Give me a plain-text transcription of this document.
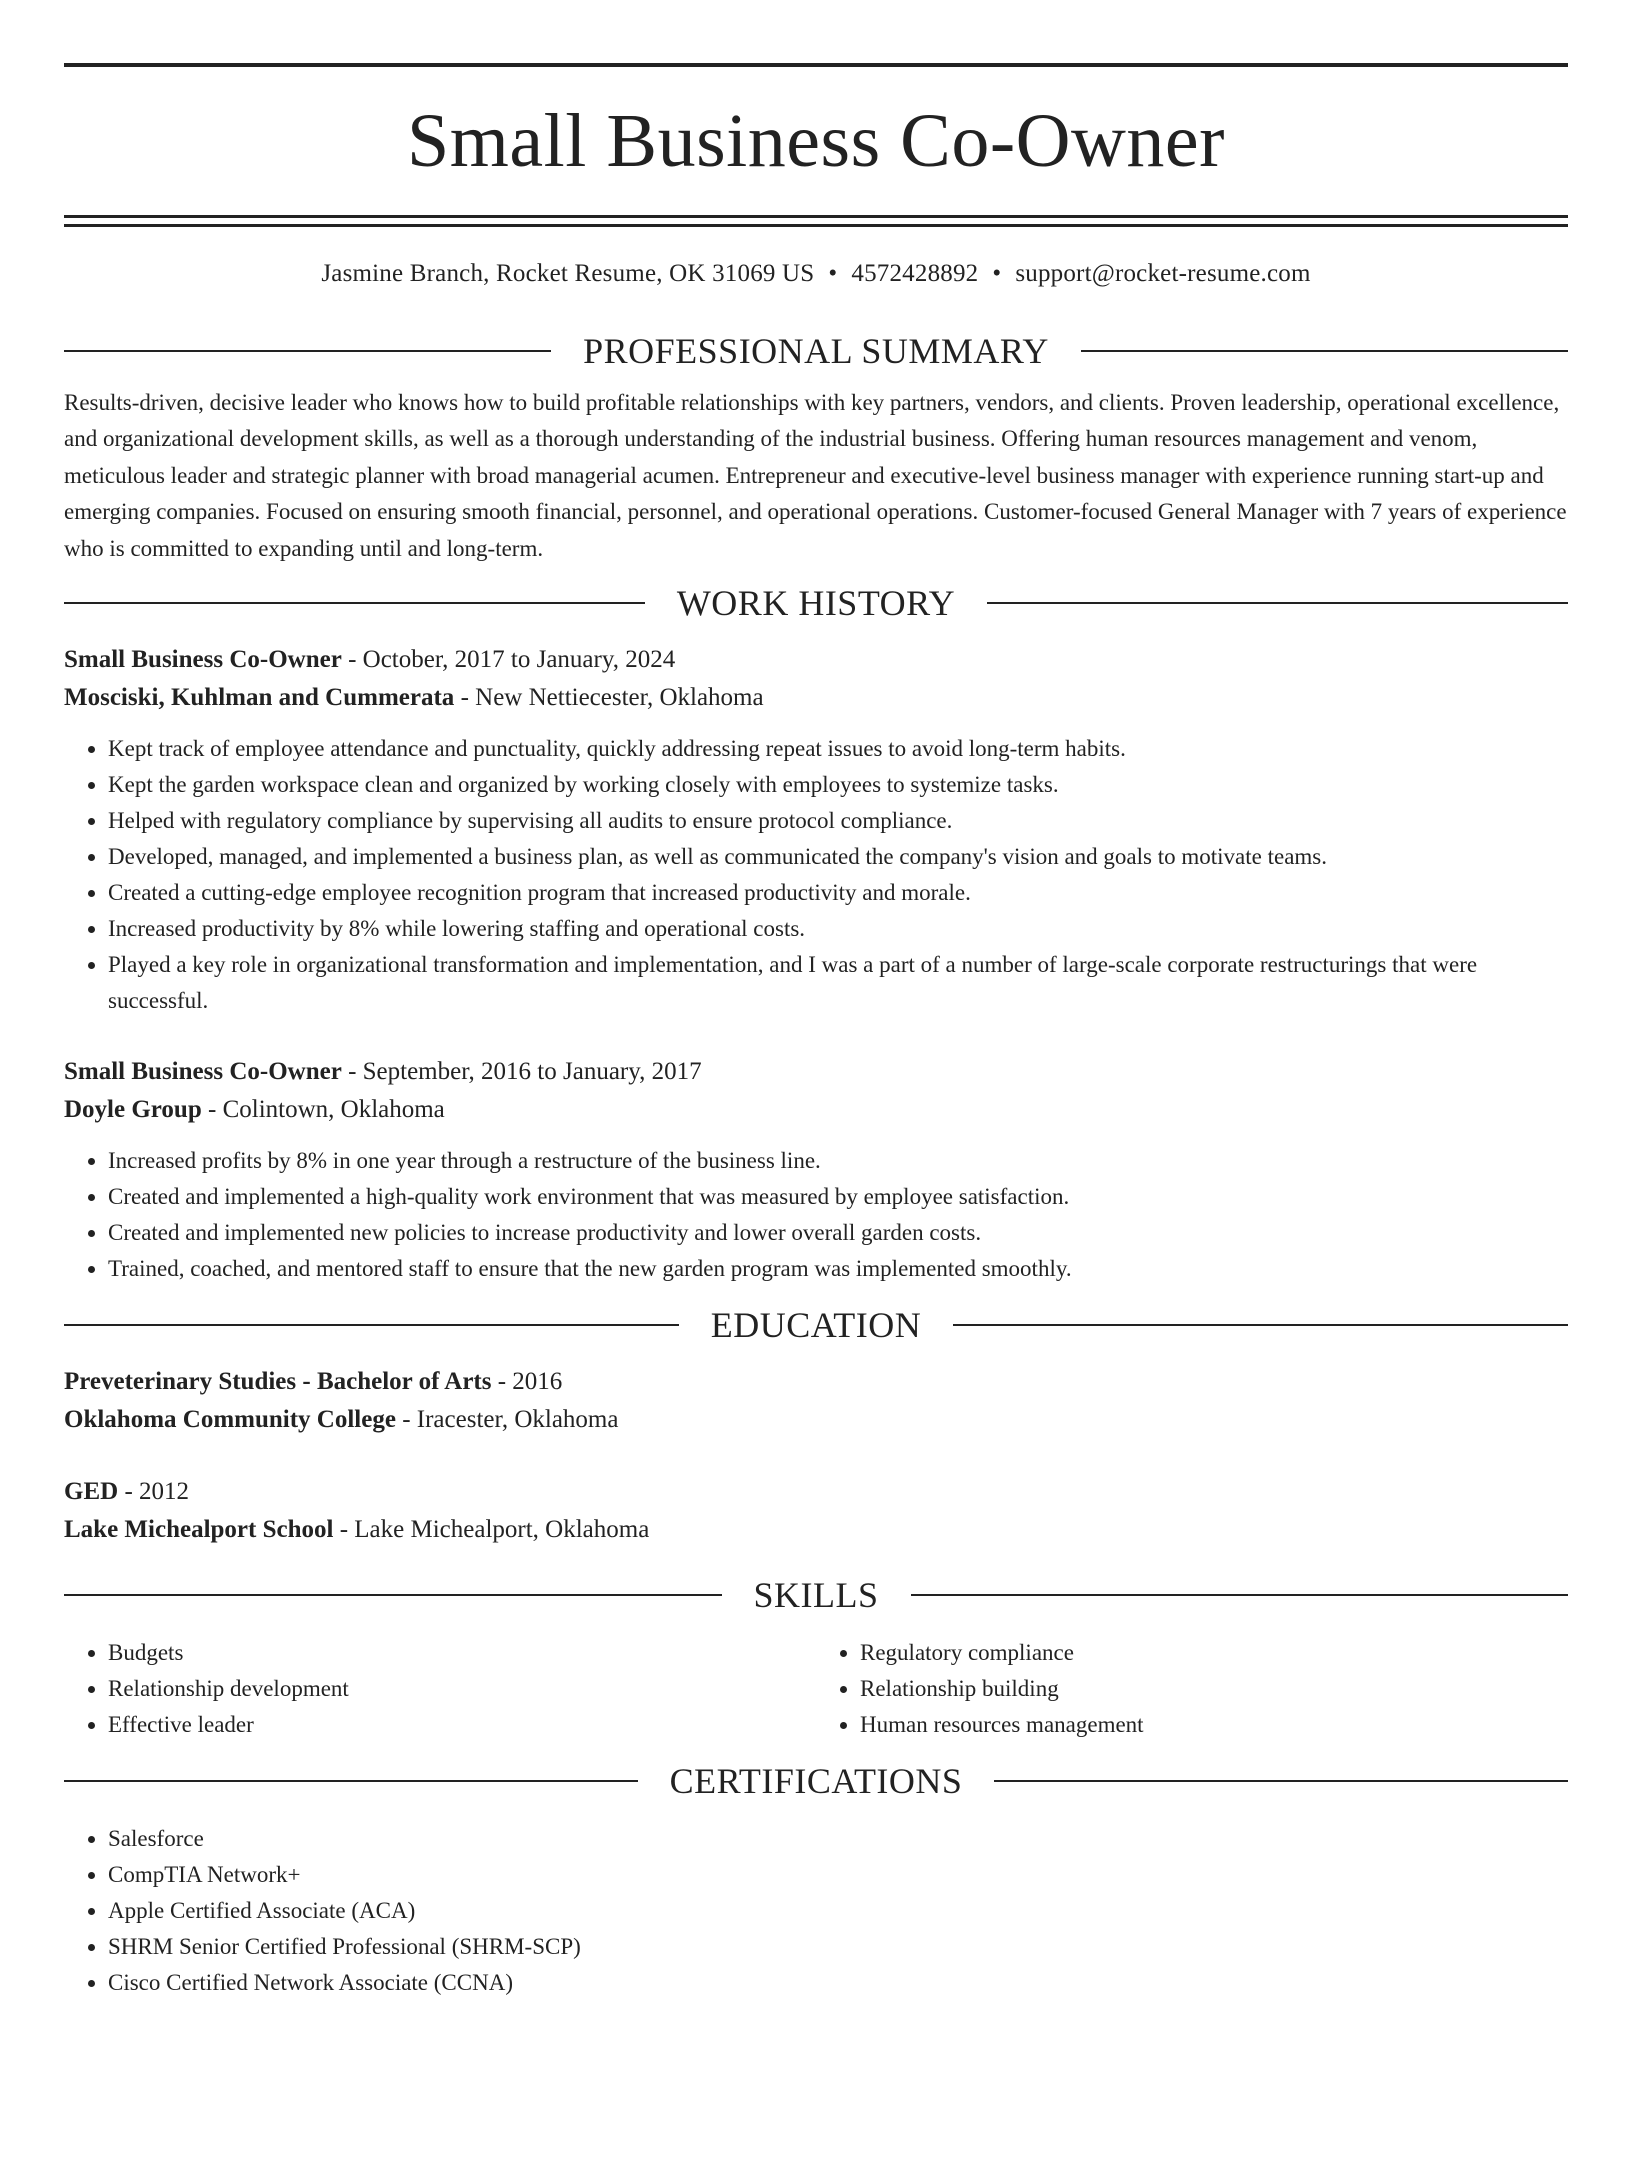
Small Business Co-Owner
Jasmine Branch, Rocket Resume, OK 31069 US • 4572428892 • support@rocket-resume.com
PROFESSIONAL SUMMARY

Results-driven, decisive leader who knows how to build profitable relationships with key partners, vendors, and clients. Proven leadership, operational excellence, and organizational development skills, as well as a thorough understanding of the industrial business. Offering human resources management and venom, meticulous leader and strategic planner with broad managerial acumen. Entrepreneur and executive-level business manager with experience running start-up and emerging companies. Focused on ensuring smooth financial, personnel, and operational operations. Customer-focused General Manager with 7 years of experience who is committed to expanding until and long-term.

WORK HISTORY
Small Business Co-Owner - October, 2017 to January, 2024
Mosciski, Kuhlman and Cummerata - New Nettiecester, Oklahoma
• Kept track of employee attendance and punctuality, quickly addressing repeat issues to avoid long-term habits.
• Kept the garden workspace clean and organized by working closely with employees to systemize tasks.
• Helped with regulatory compliance by supervising all audits to ensure protocol compliance.
• Developed, managed, and implemented a business plan, as well as communicated the company's vision and goals to motivate teams.
• Created a cutting-edge employee recognition program that increased productivity and morale.
• Increased productivity by 8% while lowering staffing and operational costs.
• Played a key role in organizational transformation and implementation, and I was a part of a number of large-scale corporate restructurings that were successful.
Small Business Co-Owner - September, 2016 to January, 2017
Doyle Group - Colintown, Oklahoma
• Increased profits by 8% in one year through a restructure of the business line.
• Created and implemented a high-quality work environment that was measured by employee satisfaction.
• Created and implemented new policies to increase productivity and lower overall garden costs.
• Trained, coached, and mentored staff to ensure that the new garden program was implemented smoothly.
EDUCATION
Preveterinary Studies - Bachelor of Arts - 2016
Oklahoma Community College - Iracester, Oklahoma
GED - 2012
Lake Michealport School - Lake Michealport, Oklahoma
SKILLS
• Budgets
• Relationship development
• Effective leader
• Regulatory compliance
• Relationship building
• Human resources management
CERTIFICATIONS
• Salesforce
• CompTIA Network+
• Apple Certified Associate (ACA)
• SHRM Senior Certified Professional (SHRM-SCP)
• Cisco Certified Network Associate (CCNA)
